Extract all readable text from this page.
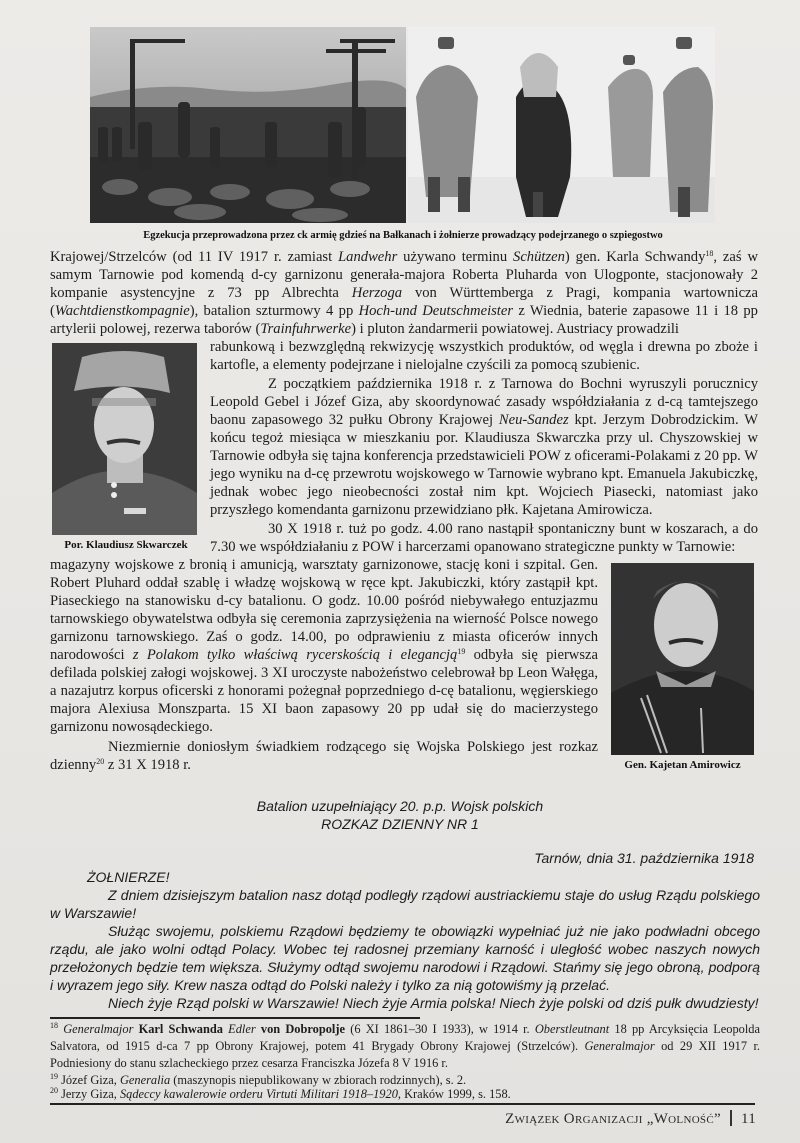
Egzekucja przeprowadzona przez ck armię gdzieś na Bałkanach i żołnierze prowadzący podejrzanego o szpiegostwo
Krajowej/Strzelców (od 11 IV 1917 r. zamiast Landwehr używano terminu Schützen) gen. Karla Schwandy$^{18}$, zaś w samym Tarnowie pod komendą d-cy garnizonu generała-majora Roberta Pluharda von Ulogponte, stacjonowały 2 kompanie asystencyjne z 73 pp Albrechta Herzoga von Württemberga z Pragi, kompania wartownicza (Wachtdienstkompagnie), batalion szturmowy 4 pp Hoch-und Deutschmeister z Wiednia, baterie zapasowe 11 i 18 pp artylerii polowej, rezerwa taborów (Trainfuhrwerke) i pluton żandarmerii powiatowej. Austriacy prowadzili
Por. Klaudiusz Skwarczek
rabunkową i bezwzględną rekwizycję wszystkich produktów, od węgla i drewna po zboże i kartofle, a elementy podejrzane i nielojalne czyścili za pomocą szubienic.
Z początkiem października 1918 r. z Tarnowa do Bochni wyruszyli porucznicy Leopold Gebel i Józef Giza, aby skoordynować zasady współdziałania z d-cą tamtejszego baonu zapasowego 32 pułku Obrony Krajowej Neu-Sandez kpt. Jerzym Dobrodzickim. W końcu tegoż miesiąca w mieszkaniu por. Klaudiusza Skwarczka przy ul. Chyszowskiej w Tarnowie odbyła się tajna konferencja przedstawicieli POW z oficerami-Polakami z 20 pp. W jego wyniku na d-cę przewrotu wojskowego w Tarnowie wybrano kpt. Emanuela Jakubiczkę, jednak wobec jego nieobecności został nim kpt. Wojciech Piasecki, natomiast jako przyszłego komendanta garnizonu przewidziano płk. Kajetana Amirowicza.
30 X 1918 r. tuż po godz. 4.00 rano nastąpił spontaniczny bunt w koszarach, a do 7.30 we współdziałaniu z POW i harcerzami opanowano strategiczne punkty w Tarnowie:
Gen. Kajetan Amirowicz
magazyny wojskowe z bronią i amunicją, warsztaty garnizonowe, stację koni i szpital. Gen. Robert Pluhard oddał szablę i władzę wojskową w ręce kpt. Jakubiczki, który zastąpił kpt. Piaseckiego na stanowisku d-cy batalionu. O godz. 10.00 pośród niebywałego entuzjazmu tarnowskiego obywatelstwa odbyła się ceremonia zaprzysiężenia na wierność Polsce nowego garnizonu tarnowskiego. Zaś o godz. 14.00, po odprawieniu z miasta oficerów innych narodowości z Polakom tylko właściwą rycerskością i elegancją$^{19}$ odbyła się pierwsza defilada polskiej załogi wojskowej. 3 XI uroczyste nabożeństwo celebrował bp Leon Wałęga, a nazajutrz korpus oficerski z honorami pożegnał poprzedniego d-cę batalionu, węgierskiego majora Alexiusa Monszparta. 15 XI baon zapasowy 20 pp udał się do macierzystego garnizonu nowosądeckiego.
Niezmiernie doniosłym świadkiem rodzącego się Wojska Polskiego jest rozkaz dzienny$^{20}$ z 31 X 1918 r.
Batalion uzupełniający 20. p.p. Wojsk polskich
ROZKAZ DZIENNY NR 1
Tarnów, dnia 31. października 1918
ŻOŁNIERZE!

Z dniem dzisiejszym batalion nasz dotąd podległy rządowi austriackiemu staje do usług Rządu polskiego w Warszawie!

Służąc swojemu, polskiemu Rządowi będziemy te obowiązki wypełniać już nie jako podwładni obcego rządu, ale jako wolni odtąd Polacy. Wobec tej radosnej przemiany karność i uległość wobec naszych nowych przełożonych będzie tem większa. Służymy odtąd swojemu narodowi i Rządowi. Stańmy się jego obroną, podporą i wyrazem jego siły. Krew nasza odtąd do Polski należy i tylko za nią gotowiśmy ją przelać.

Niech żyje Rząd polski w Warszawie! Niech żyje Armia polska! Niech żyje polski od dziś pułk dwudziesty!

$^{18}$ Generalmajor Karl Schwanda Edler von Dobropolje (6 XI 1861–30 I 1933), w 1914 r. Oberstleutnant 18 pp Arcyksięcia Leopolda Salvatora, od 1915 d-ca 7 pp Obrony Krajowej, potem 41 Brygady Obrony Krajowej (Strzelców). Generalmajor od 29 XII 1917 r. Podniesiony do stanu szlacheckiego przez cesarza Franciszka Józefa 8 V 1916 r.
$^{19}$ Józef Giza, Generalia (maszynopis niepublikowany w zbiorach rodzinnych), s. 2.
$^{20}$ Jerzy Giza, Sądeccy kawalerowie orderu Virtuti Militari 1918–1920, Kraków 1999, s. 158.
Związek Organizacji „Wolność” 11
